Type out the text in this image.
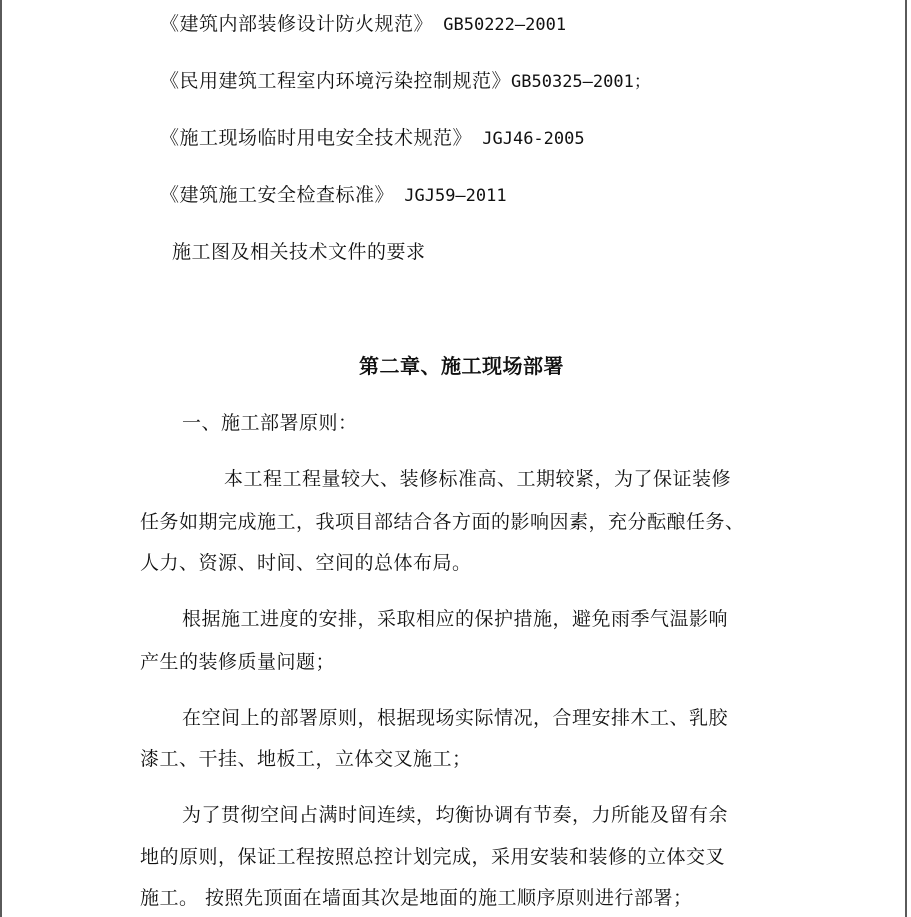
《建筑内部装修设计防火规范》 GB50222—2001
《民用建筑工程室内环境污染控制规范》GB50325—2001；
《施工现场临时用电安全技术规范》 JGJ46-2005
《建筑施工安全检查标准》 JGJ59—2011
施工图及相关技术文件的要求
第二章、施工现场部署
一、施工部署原则：
本工程工程量较大、装修标准高、工期较紧，为了保证装修
任务如期完成施工，我项目部结合各方面的影响因素，充分酝酿任务、
人力、资源、时间、空间的总体布局。
根据施工进度的安排，采取相应的保护措施，避免雨季气温影响
产生的装修质量问题；
在空间上的部署原则，根据现场实际情况，合理安排木工、乳胶
漆工、干挂、地板工，立体交叉施工；
为了贯彻空间占满时间连续，均衡协调有节奏，力所能及留有余
地的原则，保证工程按照总控计划完成，采用安装和装修的立体交叉
施工。 按照先顶面在墙面其次是地面的施工顺序原则进行部署；
